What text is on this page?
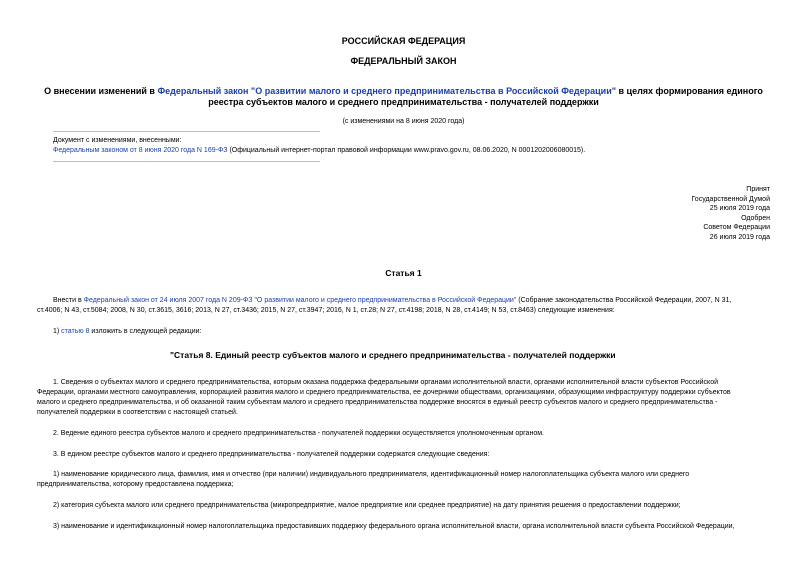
РОССИЙСКАЯ ФЕДЕРАЦИЯ
ФЕДЕРАЛЬНЫЙ ЗАКОН
О внесении изменений в Федеральный закон "О развитии малого и среднего предпринимательства в Российской Федерации" в целях формирования единого
реестра субъектов малого и среднего предпринимательства - получателей поддержки
(с изменениями на 8 июня 2020 года)
Документ с изменениями, внесенными:
Федеральным законом от 8 июня 2020 года N 169-ФЗ (Официальный интернет-портал правовой информации www.pravo.gov.ru, 08.06.2020, N 0001202006080015).
Принят
Государственной Думой
25 июля 2019 года
Одобрен
Советом Федерации
26 июля 2019 года
Статья 1
Внести в Федеральный закон от 24 июля 2007 года N 209-ФЗ "О развитии малого и среднего предпринимательства в Российской Федерации" (Собрание законодательства Российской Федерации, 2007, N 31,
ст.4006; N 43, ст.5084; 2008, N 30, ст.3615, 3616; 2013, N 27, ст.3436; 2015, N 27, ст.3947; 2016, N 1, ст.28; N 27, ст.4198; 2018, N 28, ст.4149; N 53, ст.8463) следующие изменения:
1) статью 8 изложить в следующей редакции:
"Статья 8. Единый реестр субъектов малого и среднего предпринимательства - получателей поддержки
1. Сведения о субъектах малого и среднего предпринимательства, которым оказана поддержка федеральными органами исполнительной власти, органами исполнительной власти субъектов Российской
Федерации, органами местного самоуправления, корпорацией развития малого и среднего предпринимательства, ее дочерними обществами, организациями, образующими инфраструктуру поддержки субъектов
малого и среднего предпринимательства, и об оказанной таким субъектам малого и среднего предпринимательства поддержке вносятся в единый реестр субъектов малого и среднего предпринимательства -
получателей поддержки в соответствии с настоящей статьей.
2. Ведение единого реестра субъектов малого и среднего предпринимательства - получателей поддержки осуществляется уполномоченным органом.
3. В едином реестре субъектов малого и среднего предпринимательства - получателей поддержки содержатся следующие сведения:
1) наименование юридического лица, фамилия, имя и отчество (при наличии) индивидуального предпринимателя, идентификационный номер налогоплательщика субъекта малого или среднего
предпринимательства, которому предоставлена поддержка;
2) категория субъекта малого или среднего предпринимательства (микропредприятие, малое предприятие или среднее предприятие) на дату принятия решения о предоставлении поддержки;
3) наименование и идентификационный номер налогоплательщика предоставивших поддержку федерального органа исполнительной власти, органа исполнительной власти субъекта Российской Федерации,
